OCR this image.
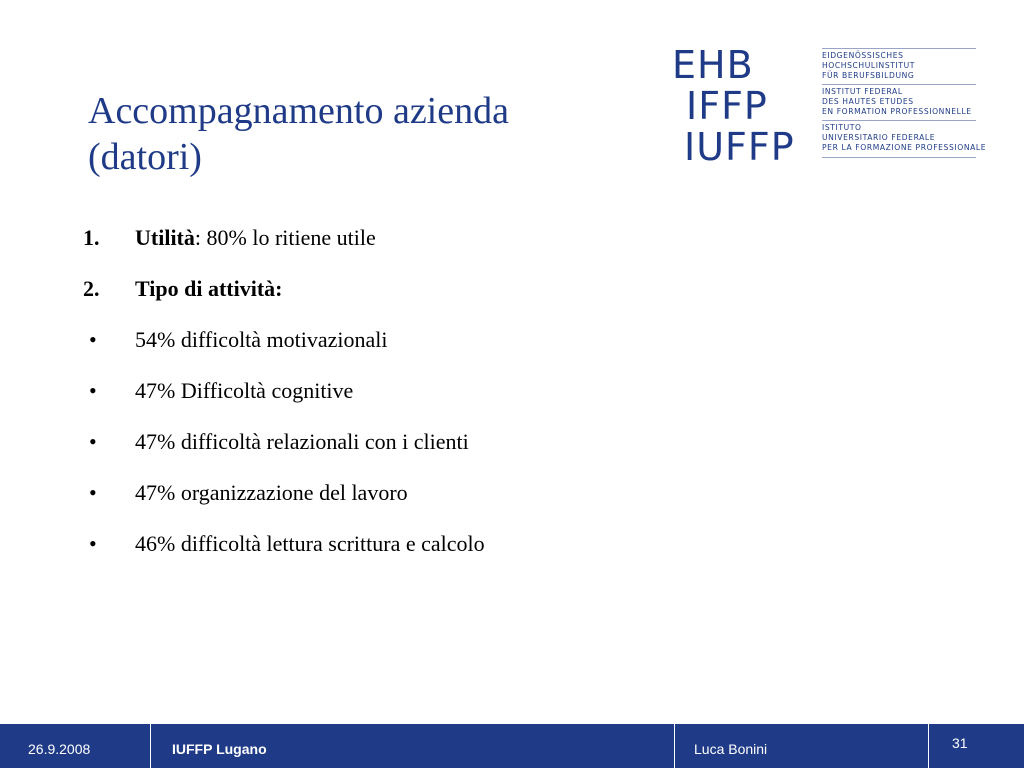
Accompagnamento azienda
(datori)
EHB
IFFP
IUFFP
EIDGENÖSSISCHES
HOCHSCHULINSTITUT
FÜR BERUFSBILDUNG
INSTITUT FEDERAL
DES HAUTES ETUDES
EN FORMATION PROFESSIONNELLE
ISTITUTO
UNIVERSITARIO FEDERALE
PER LA FORMAZIONE PROFESSIONALE
1.	Utilità: 80% lo ritiene utile
2.	Tipo di attività:
•	54% difficoltà motivazionali
•	47% Difficoltà cognitive
•	47% difficoltà relazionali con i clienti
•	47% organizzazione del lavoro
•	46% difficoltà lettura scrittura e calcolo
26.9.2008	IUFFP Lugano	Luca Bonini	31
